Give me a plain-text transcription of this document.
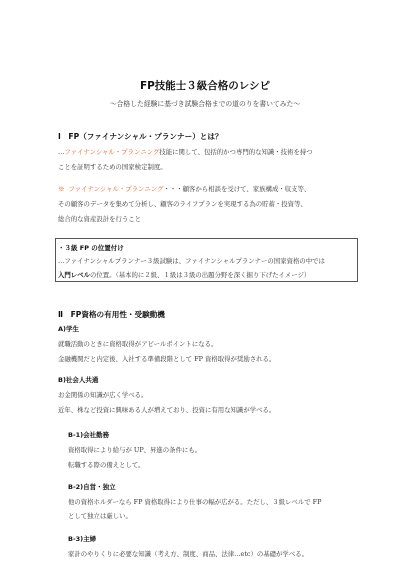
FP技能士３級合格のレシピ
～合格した経験に基づき試験合格までの道のりを書いてみた～
Ⅰ　FP（ファイナンシャル・プランナー）とは？
…ファイナンシャル・プランニング技能に関して、包括的かつ専門的な知識・技術を持つ
ことを証明するための国家検定制度。
※ ファイナンシャル・プランニング・・・顧客から相談を受けて、家族構成・収支等、
その顧客のデータを集めて分析し、顧客のライフプランを実現する為の貯蓄・投資等、
総合的な資産設計を行うこと
・３級 FP の位置付け
…ファイナンシャルプランナー３級試験は、ファイナンシャルプランナーの国家資格の中では
入門レベルの位置。（基本的に２級、１級は３級の出題分野を深く掘り下げたイメージ）
Ⅱ　FP資格の有用性・受験動機
A)学生
就職活動のときに資格取得がアピールポイントになる。
金融機関だと内定後、入社する準備段階として FP 資格取得が奨励される。
B)社会人共通
お金関係の知識が広く学べる。
近年、株など投資に興味ある人が増えており、投資に有用な知識が学べる。
B-1)会社勤務
資格取得により給与が UP、昇進の条件にも。
転職する際の備えとして。
B-2)自営・独立
他の資格ホルダーなら FP 資格取得により仕事の幅が広がる。ただし、３級レベルで FP
として独立は厳しい。
B-3)主婦
家計のやりくりに必要な知識（考え方、制度、商品、法律…etc）の基礎が学べる。
